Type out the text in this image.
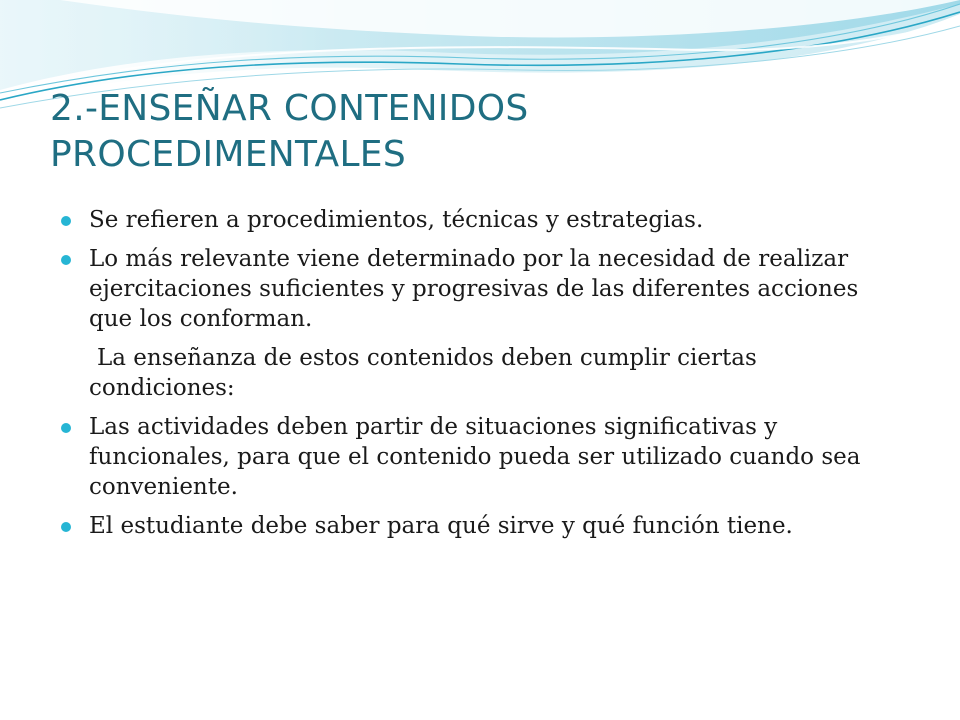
2.-ENSEÑAR CONTENIDOS
PROCEDIMENTALES
Se refieren a procedimientos, técnicas y estrategias.
Lo más relevante viene determinado por la necesidad de realizar ejercitaciones suficientes y progresivas de las diferentes acciones que los conforman.
La enseñanza de estos contenidos deben cumplir ciertas condiciones:
Las actividades deben partir de situaciones significativas y funcionales, para que el contenido pueda ser utilizado cuando sea conveniente.
El estudiante debe saber para qué sirve y qué función tiene.
